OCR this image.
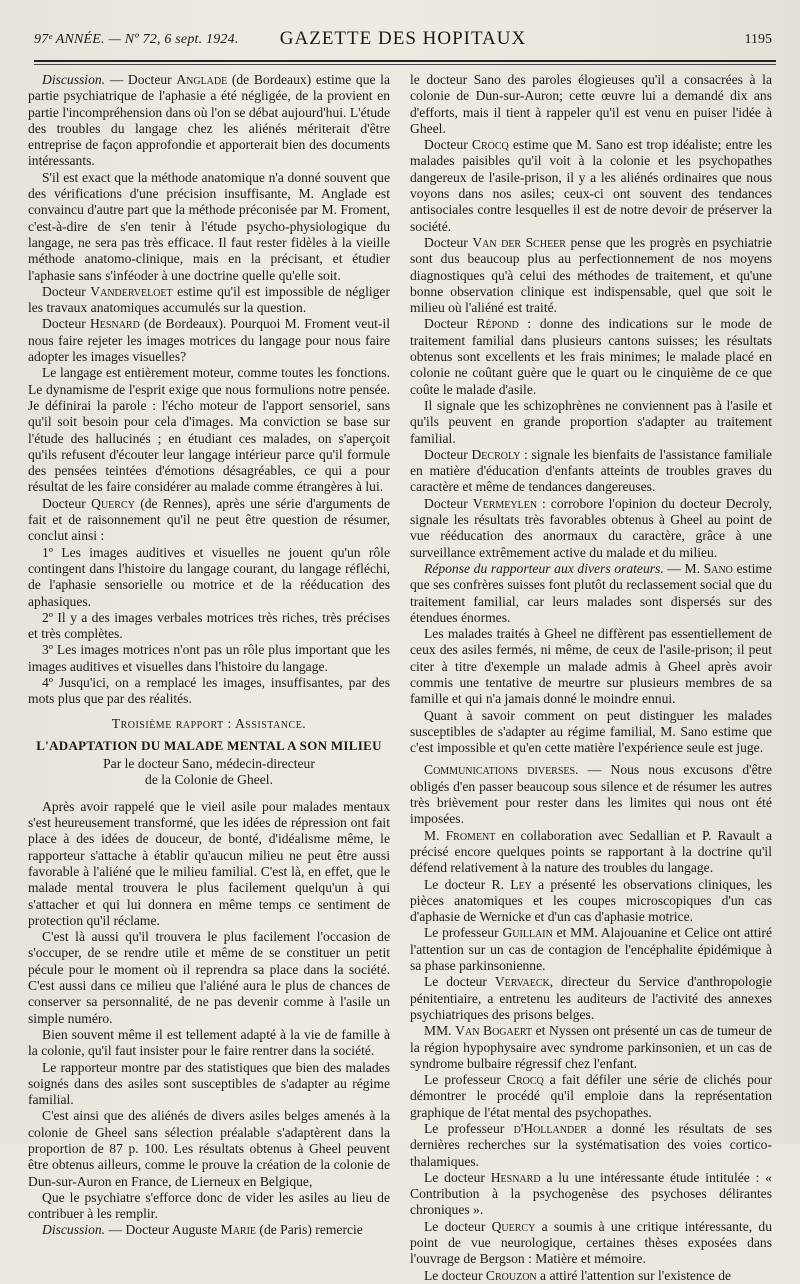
97ᵉ ANNÉE. — Nº 72, 6 sept. 1924.	GAZETTE DES HOPITAUX	1195

Discussion. — Docteur Anglade (de Bordeaux) estime que la partie psychiatrique de l'aphasie a été négligée, de la provient en partie l'incompréhension dans où l'on se débat aujourd'hui. L'étude des troubles du langage chez les aliénés mériterait d'être entreprise de façon approfondie et apporterait bien des documents intéressants.

S'il est exact que la méthode anatomique n'a donné souvent que des vérifications d'une précision insuffisante, M. Anglade est convaincu d'autre part que la méthode préconisée par M. Froment, c'est-à-dire de s'en tenir à l'étude psycho-physiologique du langage, ne sera pas très efficace. Il faut rester fidèles à la vieille méthode anatomo-clinique, mais en la précisant, et étudier l'aphasie sans s'inféoder à une doctrine quelle qu'elle soit.

Docteur Vanderveloet estime qu'il est impossible de négliger les travaux anatomiques accumulés sur la question.

Docteur Hesnard (de Bordeaux). Pourquoi M. Froment veut-il nous faire rejeter les images motrices du langage pour nous faire adopter les images visuelles?

Le langage est entièrement moteur, comme toutes les fonctions. Le dynamisme de l'esprit exige que nous formulions notre pensée. Je définirai la parole : l'écho moteur de l'apport sensoriel, sans qu'il soit besoin pour cela d'images. Ma conviction se base sur l'étude des hallucinés ; en étudiant ces malades, on s'aperçoit qu'ils refusent d'écouter leur langage intérieur parce qu'il formule des pensées teintées d'émotions désagréables, ce qui a pour résultat de les faire considérer au malade comme étrangères à lui.

Docteur Quercy (de Rennes), après une série d'arguments de fait et de raisonnement qu'il ne peut être question de résumer, conclut ainsi :

1º Les images auditives et visuelles ne jouent qu'un rôle contingent dans l'histoire du langage courant, du langage réfléchi, de l'aphasie sensorielle ou motrice et de la rééducation des aphasiques.

2º Il y a des images verbales motrices très riches, très précises et très complètes.

3º Les images motrices n'ont pas un rôle plus important que les images auditives et visuelles dans l'histoire du langage.

4º Jusqu'ici, on a remplacé les images, insuffisantes, par des mots plus que par des réalités.

Troisième rapport : Assistance.
L'ADAPTATION DU MALADE MENTAL A SON MILIEU
Par le docteur Sano, médecin-directeur
de la Colonie de Gheel.

Après avoir rappelé que le vieil asile pour malades mentaux s'est heureusement transformé, que les idées de répression ont fait place à des idées de douceur, de bonté, d'idéalisme même, le rapporteur s'attache à établir qu'aucun milieu ne peut être aussi favorable à l'aliéné que le milieu familial. C'est là, en effet, que le malade mental trouvera le plus facilement quelqu'un à qui s'attacher et qui lui donnera en même temps ce sentiment de protection qu'il réclame.

C'est là aussi qu'il trouvera le plus facilement l'occasion de s'occuper, de se rendre utile et même de se constituer un petit pécule pour le moment où il reprendra sa place dans la société. C'est aussi dans ce milieu que l'aliéné aura le plus de chances de conserver sa personnalité, de ne pas devenir comme à l'asile un simple numéro.

Bien souvent même il est tellement adapté à la vie de famille à la colonie, qu'il faut insister pour le faire rentrer dans la société.

Le rapporteur montre par des statistiques que bien des malades soignés dans des asiles sont susceptibles de s'adapter au régime familial.

C'est ainsi que des aliénés de divers asiles belges amenés à la colonie de Gheel sans sélection préalable s'adaptèrent dans la proportion de 87 p. 100. Les résultats obtenus à Gheel peuvent être obtenus ailleurs, comme le prouve la création de la colonie de Dun-sur-Auron en France, de Lierneux en Belgique,

Que le psychiatre s'efforce donc de vider les asiles au lieu de contribuer à les remplir.

Discussion. — Docteur Auguste Marie (de Paris) remercie

le docteur Sano des paroles élogieuses qu'il a consacrées à la colonie de Dun-sur-Auron; cette œuvre lui a demandé dix ans d'efforts, mais il tient à rappeler qu'il est venu en puiser l'idée à Gheel.

Docteur Crocq estime que M. Sano est trop idéaliste; entre les malades paisibles qu'il voit à la colonie et les psychopathes dangereux de l'asile-prison, il y a les aliénés ordinaires que nous voyons dans nos asiles; ceux-ci ont souvent des tendances antisociales contre lesquelles il est de notre devoir de préserver la société.

Docteur Van der Scheer pense que les progrès en psychiatrie sont dus beaucoup plus au perfectionnement de nos moyens diagnostiques qu'à celui des méthodes de traitement, et qu'une bonne observation clinique est indispensable, quel que soit le milieu où l'aliéné est traité.

Docteur Répond : donne des indications sur le mode de traitement familial dans plusieurs cantons suisses; les résultats obtenus sont excellents et les frais minimes; le malade placé en colonie ne coûtant guère que le quart ou le cinquième de ce que coûte le malade d'asile.

Il signale que les schizophrènes ne conviennent pas à l'asile et qu'ils peuvent en grande proportion s'adapter au traitement familial.

Docteur Decroly : signale les bienfaits de l'assistance familiale en matière d'éducation d'enfants atteints de troubles graves du caractère et même de tendances dangereuses.

Docteur Vermeylen : corrobore l'opinion du docteur Decroly, signale les résultats très favorables obtenus à Gheel au point de vue rééducation des anormaux du caractère, grâce à une surveillance extrêmement active du malade et du milieu.

Réponse du rapporteur aux divers orateurs. — M. Sano estime que ses confrères suisses font plutôt du reclassement social que du traitement familial, car leurs malades sont dispersés sur des étendues énormes.

Les malades traités à Gheel ne diffèrent pas essentiellement de ceux des asiles fermés, ni même, de ceux de l'asile-prison; il peut citer à titre d'exemple un malade admis à Gheel après avoir commis une tentative de meurtre sur plusieurs membres de sa famille et qui n'a jamais donné le moindre ennui.

Quant à savoir comment on peut distinguer les malades susceptibles de s'adapter au régime familial, M. Sano estime que c'est impossible et qu'en cette matière l'expérience seule est juge.

Communications diverses. — Nous nous excusons d'être obligés d'en passer beaucoup sous silence et de résumer les autres très brièvement pour rester dans les limites qui nous ont été imposées.

M. Froment en collaboration avec Sedallian et P. Ravault a précisé encore quelques points se rapportant à la doctrine qu'il défend relativement à la nature des troubles du langage.

Le docteur R. Ley a présenté les observations cliniques, les pièces anatomiques et les coupes microscopiques d'un cas d'aphasie de Wernicke et d'un cas d'aphasie motrice.

Le professeur Guillain et MM. Alajouanine et Celice ont attiré l'attention sur un cas de contagion de l'encéphalite épidémique à sa phase parkinsonienne.

Le docteur Vervaeck, directeur du Service d'anthropologie pénitentiaire, a entretenu les auditeurs de l'activité des annexes psychiatriques des prisons belges.

MM. Van Bogaert et Nyssen ont présenté un cas de tumeur de la région hypophysaire avec syndrome parkinsonien, et un cas de syndrome bulbaire régressif chez l'enfant.

Le professeur Crocq a fait défiler une série de clichés pour démontrer le procédé qu'il emploie dans la représentation graphique de l'état mental des psychopathes.

Le professeur d'Hollander a donné les résultats de ses dernières recherches sur la systématisation des voies cortico-thalamiques.

Le docteur Hesnard a lu une intéressante étude intitulée : « Contribution à la psychogenèse des psychoses délirantes chroniques ».

Le docteur Quercy a soumis à une critique intéressante, du point de vue neurologique, certaines thèses exposées dans l'ouvrage de Bergson : Matière et mémoire.

Le docteur Crouzon a attiré l'attention sur l'existence de
